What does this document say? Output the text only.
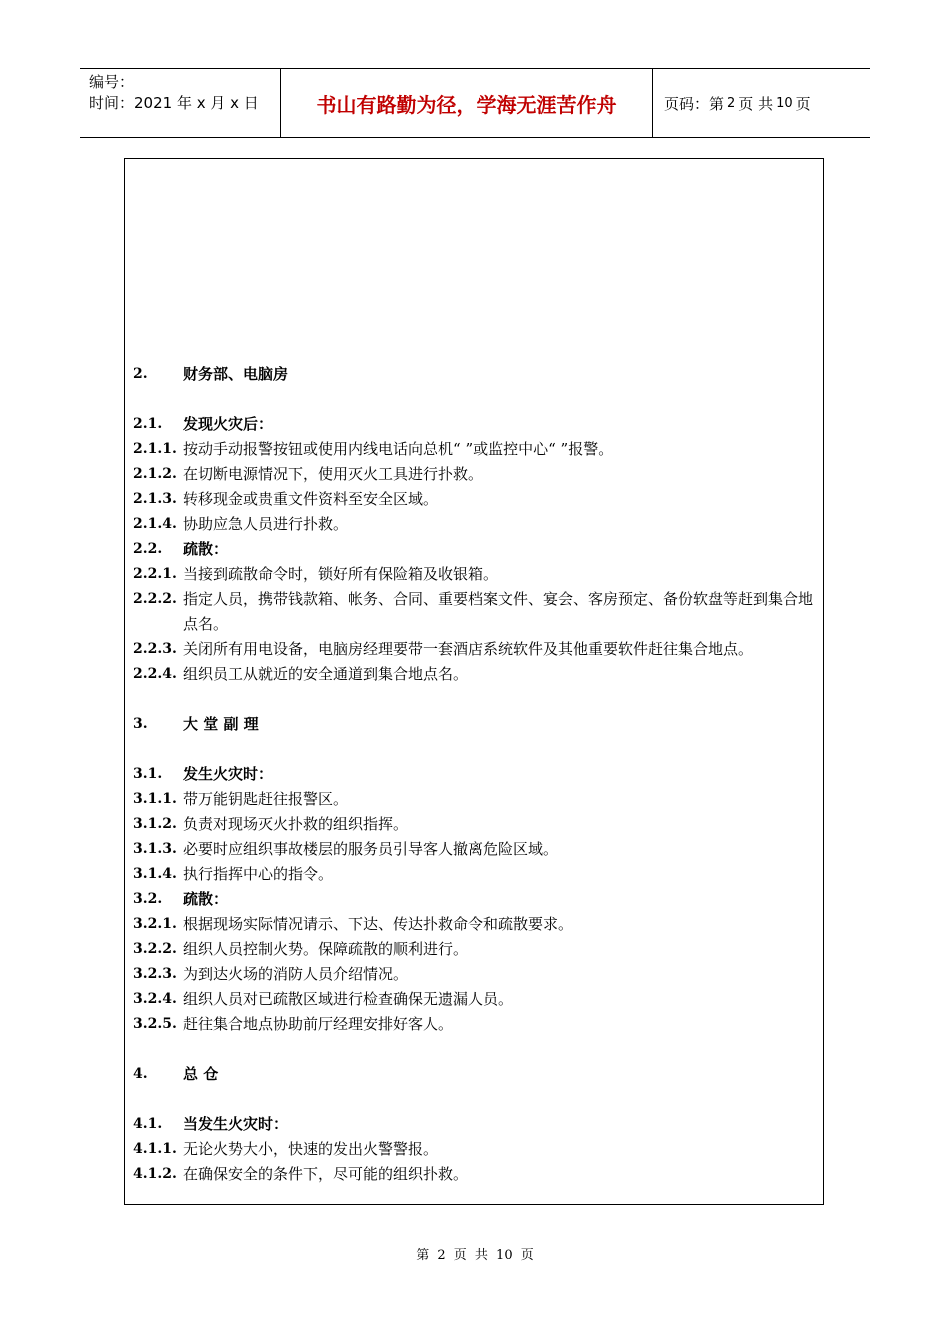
编号：
时间：2021 年 x 月 x 日	书山有路勤为径，学海无涯苦作舟	页码：第 2 页 共 10 页
2.	财务部、电脑房
2.1.	发现火灾后：
2.1.1. 按动手动报警按钮或使用内线电话向总机“ ”或监控中心“ ”报警。
2.1.2. 在切断电源情况下，使用灭火工具进行扑救。
2.1.3. 转移现金或贵重文件资料至安全区域。
2.1.4. 协助应急人员进行扑救。
2.2.	疏散：
2.2.1. 当接到疏散命令时，锁好所有保险箱及收银箱。
2.2.2. 指定人员，携带钱款箱、帐务、合同、重要档案文件、宴会、客房预定、备份软盘等赶到集合地点名。
2.2.3. 关闭所有用电设备，电脑房经理要带一套酒店系统软件及其他重要软件赶往集合地点。
2.2.4. 组织员工从就近的安全通道到集合地点名。
3.	大 堂 副 理
3.1.	发生火灾时：
3.1.1. 带万能钥匙赶往报警区。
3.1.2. 负责对现场灭火扑救的组织指挥。
3.1.3. 必要时应组织事故楼层的服务员引导客人撤离危险区域。
3.1.4. 执行指挥中心的指令。
3.2.	疏散：
3.2.1. 根据现场实际情况请示、下达、传达扑救命令和疏散要求。
3.2.2. 组织人员控制火势。保障疏散的顺利进行。
3.2.3. 为到达火场的消防人员介绍情况。
3.2.4. 组织人员对已疏散区域进行检查确保无遗漏人员。
3.2.5. 赶往集合地点协助前厅经理安排好客人。
4.	总 仓
4.1.	当发生火灾时：
4.1.1. 无论火势大小，快速的发出火警警报。
4.1.2. 在确保安全的条件下，尽可能的组织扑救。
第 2 页 共 10 页
